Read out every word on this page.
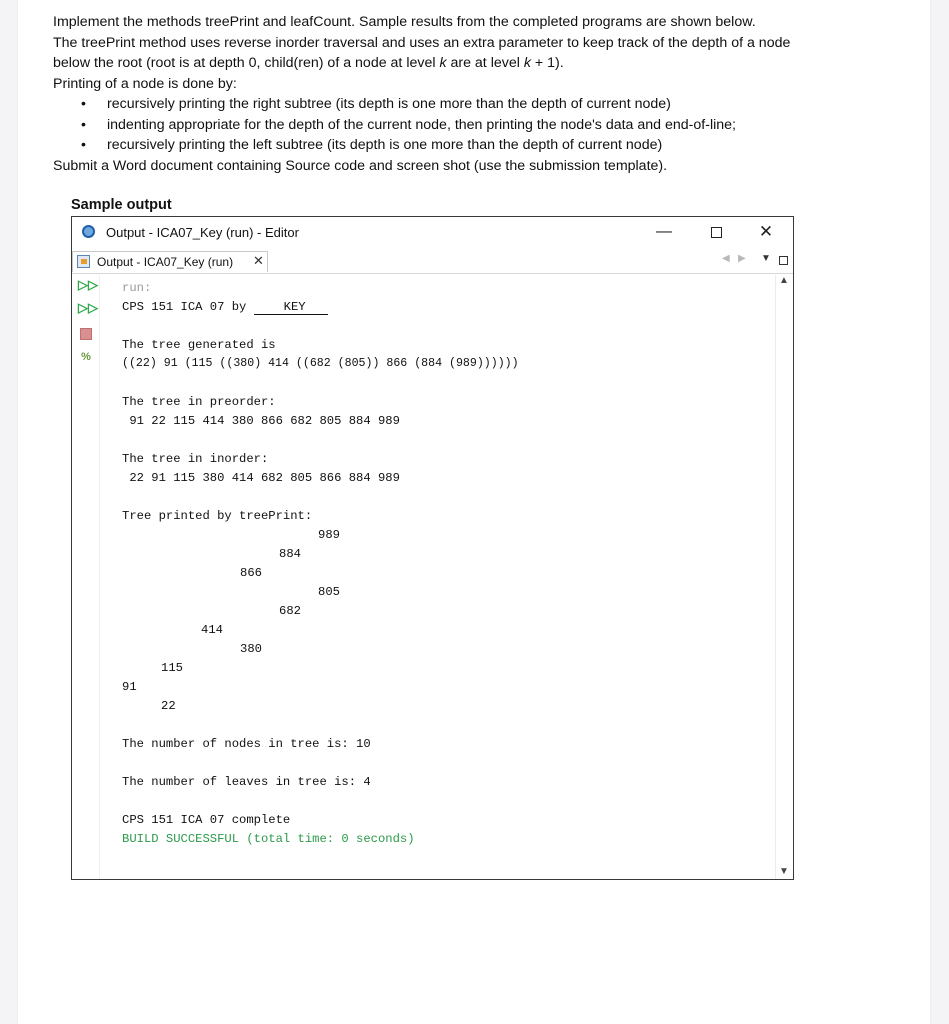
Implement the methods treePrint and leafCount. Sample results from the completed programs are shown below.

The treePrint method uses reverse inorder traversal and uses an extra parameter to keep track of the depth of a node

below the root (root is at depth 0, child(ren) of a node at level k are at level k + 1).

Printing of a node is done by:

• recursively printing the right subtree (its depth is one more than the depth of current node)
• indenting appropriate for the depth of the current node, then printing the node's data and end-of-line;
• recursively printing the left subtree (its depth is one more than the depth of current node)

Submit a Word document containing Source code and screen shot (use the submission template).

Sample output
Output - ICA07_Key (run) - Editor	—	✕
Output - ICA07_Key (run) ✕	◀ ▶ ▼
▷▷
▷▷
%
run:
CPS 151 ICA 07 by KEY
The tree generated is
((22) 91 (115 ((380) 414 ((682 (805)) 866 (884 (989))))))
The tree in preorder:
91 22 115 414 380 866 682 805 884 989
The tree in inorder:
22 91 115 380 414 682 805 866 884 989
Tree printed by treePrint:
989
884
866
805
682
414
380
115
91
22
The number of nodes in tree is: 10
The number of leaves in tree is: 4
CPS 151 ICA 07 complete
BUILD SUCCESSFUL (total time: 0 seconds)
▲
▼
